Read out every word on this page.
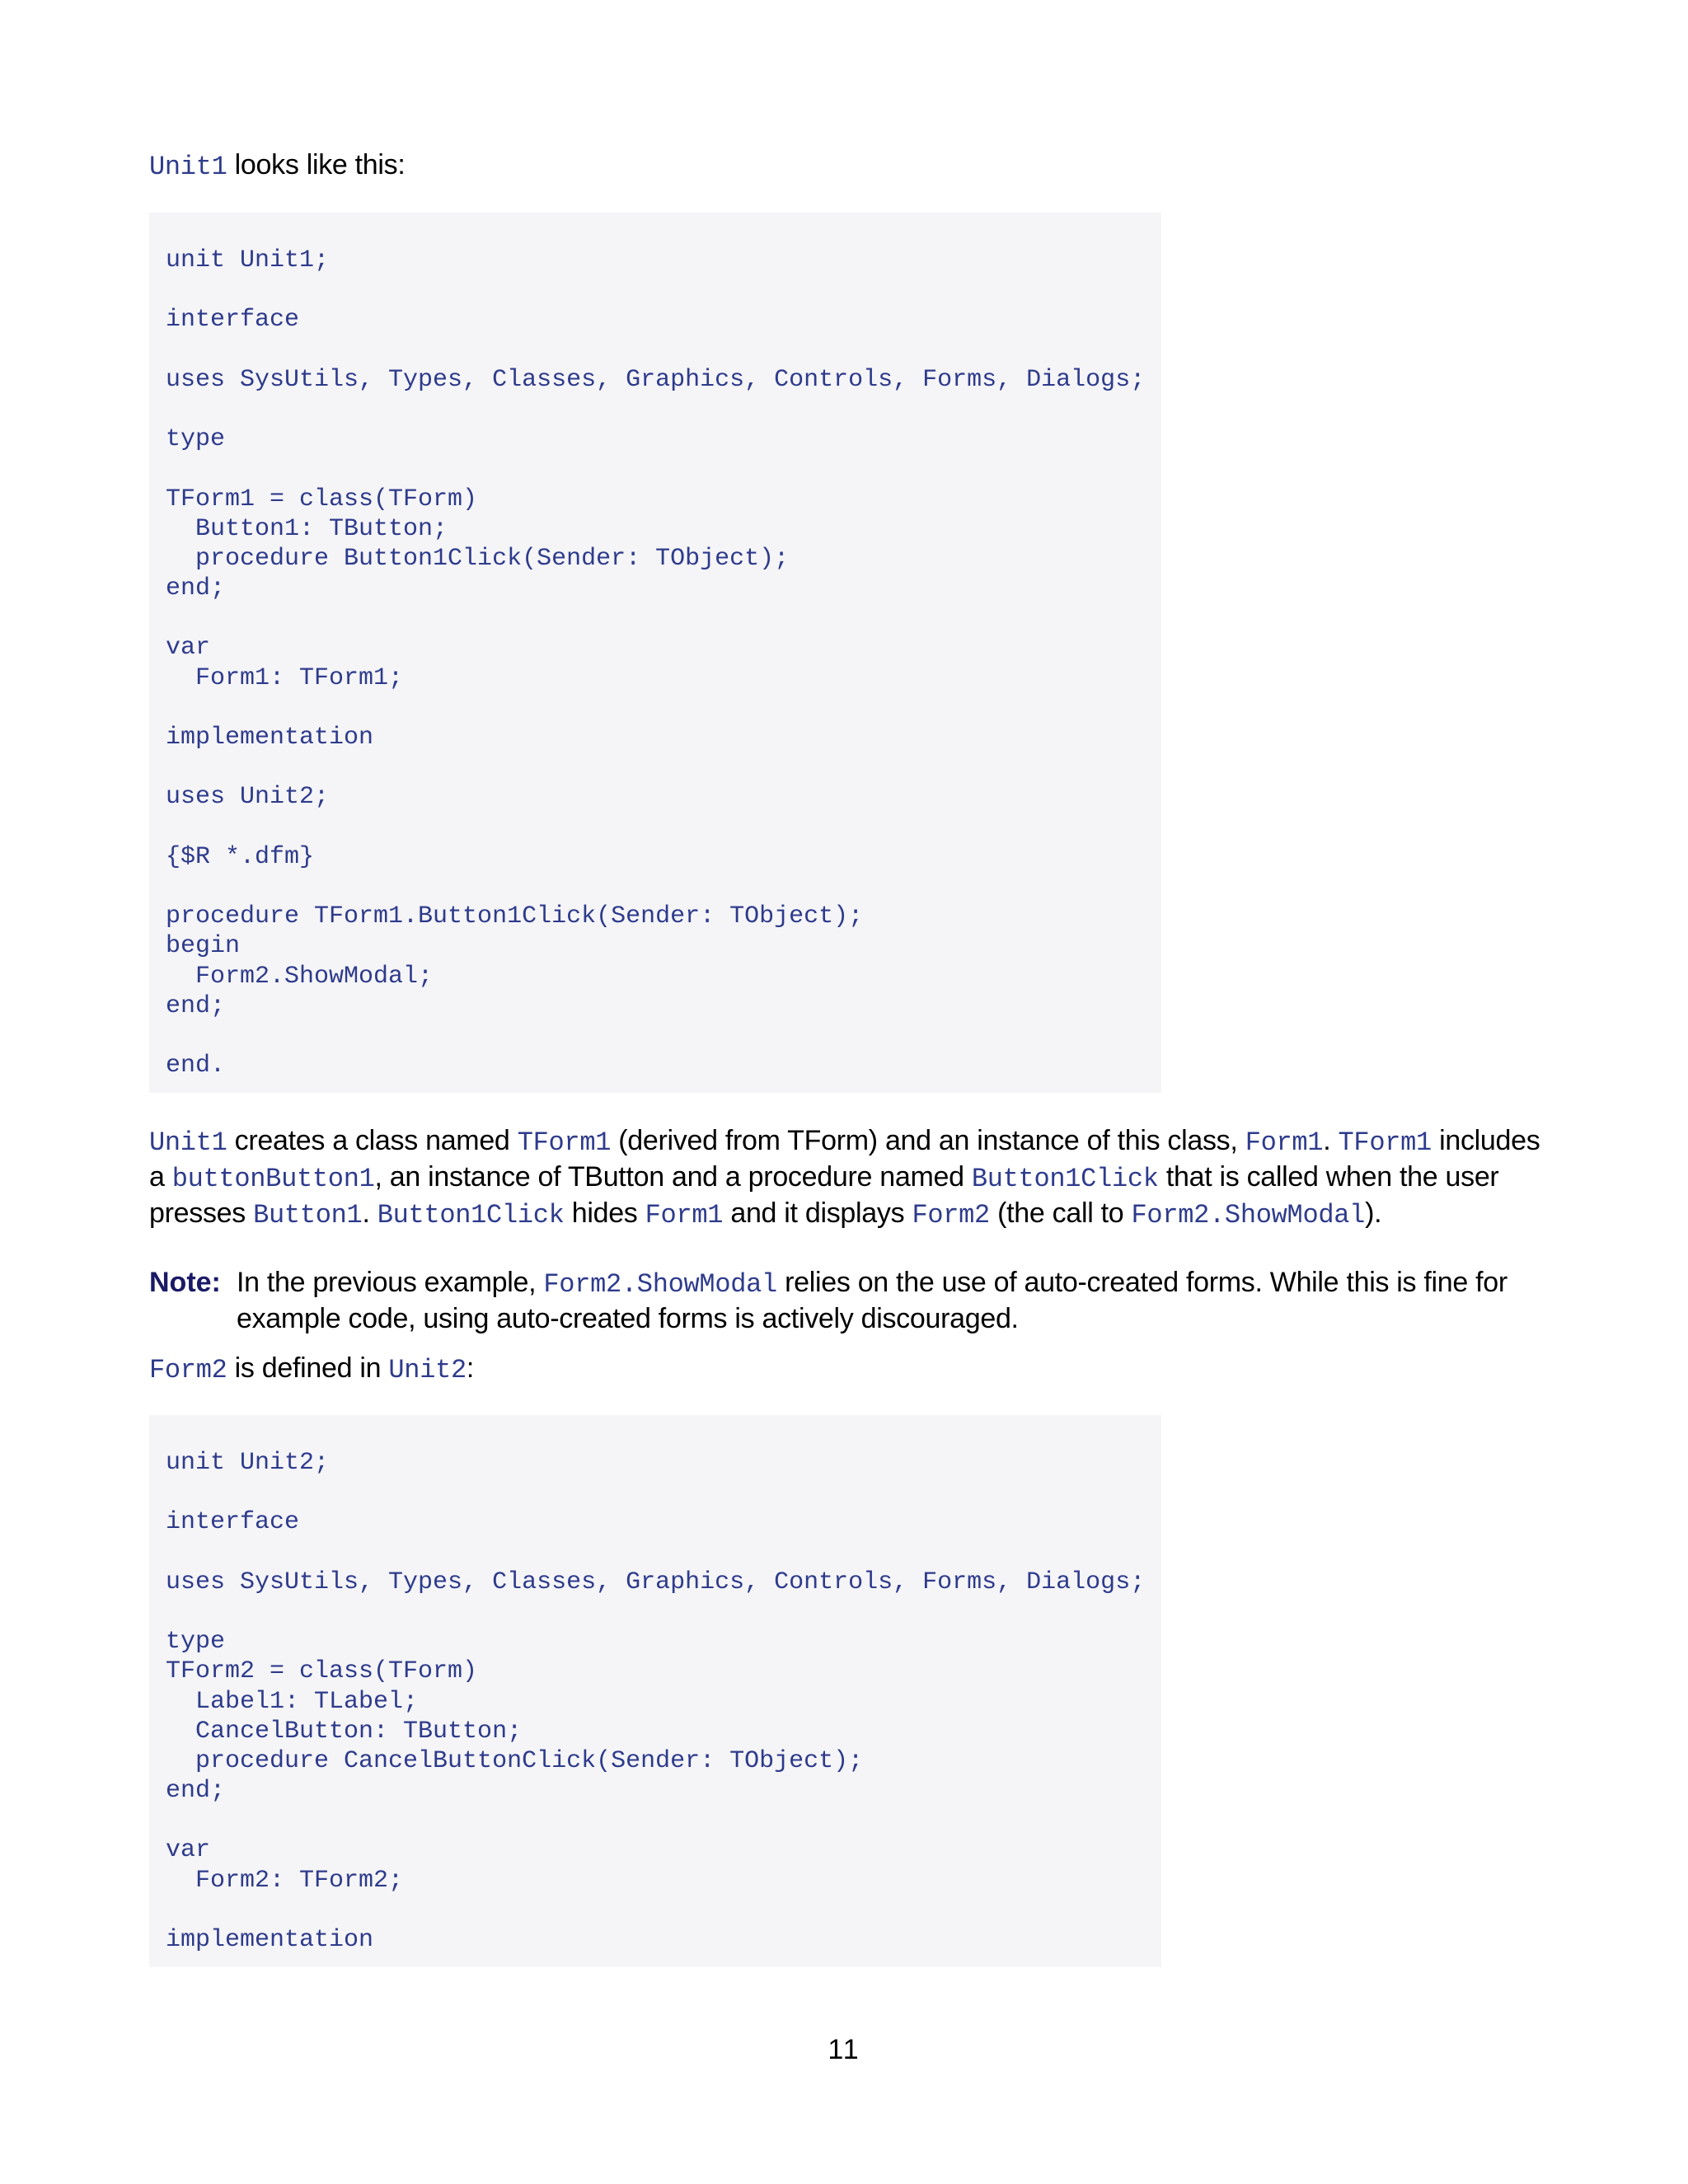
Unit1 looks like this:
unit Unit1;

interface

uses SysUtils, Types, Classes, Graphics, Controls, Forms, Dialogs;

type

TForm1 = class(TForm)
Button1: TButton;
procedure Button1Click(Sender: TObject);
end;

var
Form1: TForm1;

implementation

uses Unit2;

{$R *.dfm}

procedure TForm1.Button1Click(Sender: TObject);
begin
Form2.ShowModal;
end;

end.
Unit1 creates a class named TForm1 (derived from TForm) and an instance of this class, Form1. TForm1 includes
a buttonButton1, an instance of TButton and a procedure named Button1Click that is called when the user
presses Button1. Button1Click hides Form1 and it displays Form2 (the call to Form2.ShowModal).
Note: In the previous example, Form2.ShowModal relies on the use of auto-created forms. While this is fine for
example code, using auto-created forms is actively discouraged.
Form2 is defined in Unit2:
unit Unit2;

interface

uses SysUtils, Types, Classes, Graphics, Controls, Forms, Dialogs;

type
TForm2 = class(TForm)
Label1: TLabel;
CancelButton: TButton;
procedure CancelButtonClick(Sender: TObject);
end;

var
Form2: TForm2;

implementation
11
